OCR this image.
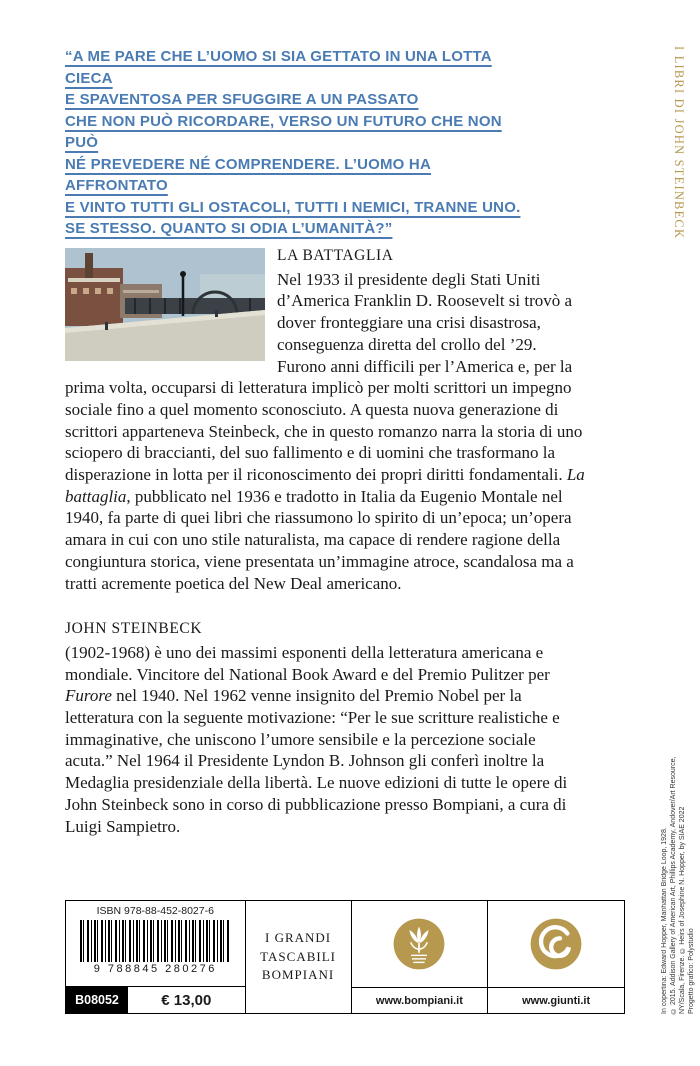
“A ME PARE CHE L’UOMO SI SIA GETTATO IN UNA LOTTA CIECA
E SPAVENTOSA PER SFUGGIRE A UN PASSATO
CHE NON PUÒ RICORDARE, VERSO UN FUTURO CHE NON PUÒ
NÉ PREVEDERE NÉ COMPRENDERE. L’UOMO HA AFFRONTATO
E VINTO TUTTI GLI OSTACOLI, TUTTI I NEMICI, TRANNE UNO.
SE STESSO. QUANTO SI ODIA L’UMANITÀ?”	I LIBRI DI JOHN STEINBECK
LA BATTAGLIA

Nel 1933 il presidente degli Stati Uniti d’America Franklin D. Roosevelt si trovò a dover fronteggiare una crisi disastrosa, conseguenza diretta del crollo del ’29. Furono anni difficili per l’America e, per la prima volta, occuparsi di letteratura implicò per molti scrittori un impegno sociale fino a quel momento sconosciuto. A questa nuova generazione di scrittori apparteneva Steinbeck, che in questo romanzo narra la storia di uno sciopero di braccianti, del suo fallimento e di uomini che trasformano la disperazione in lotta per il riconoscimento dei propri diritti fondamentali. La battaglia, pubblicato nel 1936 e tradotto in Italia da Eugenio Montale nel 1940, fa parte di quei libri che riassumono lo spirito di un’epoca; un’opera amara in cui con uno stile naturalista, ma capace di rendere ragione della congiuntura storica, viene presentata un’immagine atroce, scandalosa ma a tratti acremente poetica del New Deal americano.

JOHN STEINBECK

(1902-1968) è uno dei massimi esponenti della letteratura americana e mondiale. Vincitore del National Book Award e del Premio Pulitzer per Furore nel 1940. Nel 1962 venne insignito del Premio Nobel per la letteratura con la seguente motivazione: “Per le sue scritture realistiche e immaginative, che uniscono l’umore sensibile e la percezione sociale acuta.” Nel 1964 il Presidente Lyndon B. Johnson gli conferì inoltre la Medaglia presidenziale della libertà. Le nuove edizioni di tutte le opere di John Steinbeck sono in corso di pubblicazione presso Bompiani, a cura di Luigi Sampietro.

ISBN 978-88-452-8027-6
9 788845 280276
B08052	€ 13,00
I GRANDI
TASCABILI
BOMPIANI
www.bompiani.it	www.giunti.it	In copertina: Edward Hopper, Manhattan Bridge Loop, 1928. © 2015. Addison Gallery of American Art, Phillips Academy, Andover/Art Resource, NY/Scala, Firenze. © Heirs of Josephine N. Hopper, by SIAE 2022 Progetto grafico: Polystudio
